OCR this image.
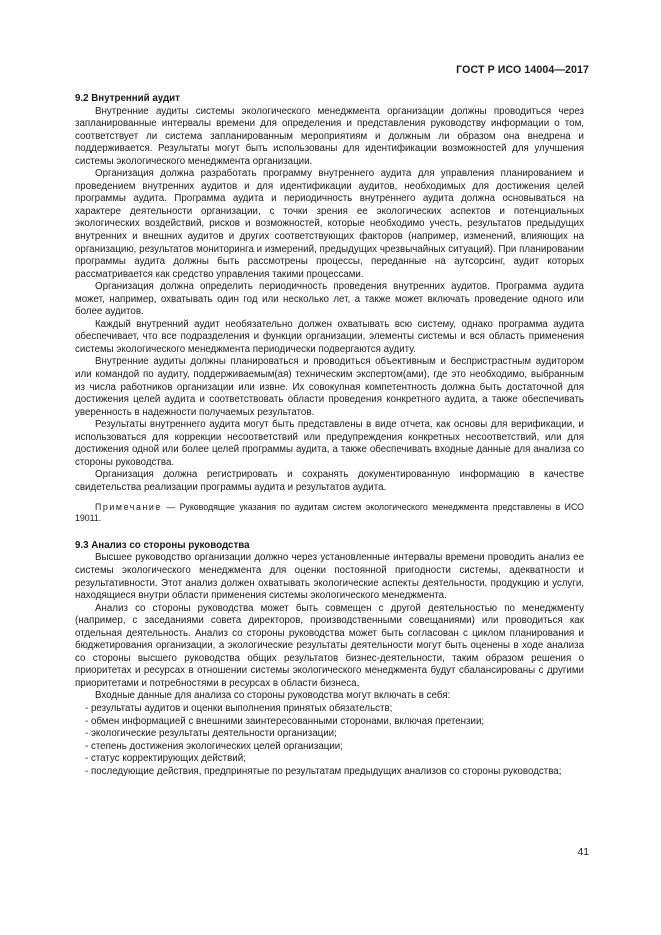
ГОСТ Р ИСО 14004—2017

9.2 Внутренний аудит

Внутренние аудиты системы экологического менеджмента организации должны проводиться через запланированные интервалы времени для определения и представления руководству информации о том, соответствует ли система запланированным мероприятиям и должным ли образом она внедрена и поддерживается. Результаты могут быть использованы для идентификации возможностей для улучшения системы экологического менеджмента организации.

Организация должна разработать программу внутреннего аудита для управления планированием и проведением внутренних аудитов и для идентификации аудитов, необходимых для достижения целей программы аудита. Программа аудита и периодичность внутреннего аудита должна основываться на характере деятельности организации, с точки зрения ее экологических аспектов и потенциальных экологических воздействий, рисков и возможностей, которые необходимо учесть, результатов предыдущих внутренних и внешних аудитов и других соответствующих факторов (например, изменений, влияющих на организацию, результатов мониторинга и измерений, предыдущих чрезвычайных ситуаций). При планировании программы аудита должны быть рассмотрены процессы, переданные на аутсорсинг, аудит которых рассматривается как средство управления такими процессами.

Организация должна определить периодичность проведения внутренних аудитов. Программа аудита может, например, охватывать один год или несколько лет, а также может включать проведение одного или более аудитов.

Каждый внутренний аудит необязательно должен охватывать всю систему, однако программа аудита обеспечивает, что все подразделения и функции организации, элементы системы и вся область применения системы экологического менеджмента периодически подвергаются аудиту.

Внутренние аудиты должны планироваться и проводиться объективным и беспристрастным аудитором или командой по аудиту, поддерживаемым(ая) техническим экспертом(ами), где это необходимо, выбранным из числа работников организации или извне. Их совокупная компетентность должна быть достаточной для достижения целей аудита и соответствовать области проведения конкретного аудита, а также обеспечивать уверенность в надежности получаемых результатов.

Результаты внутреннего аудита могут быть представлены в виде отчета, как основы для верификации, и использоваться для коррекции несоответствий или предупреждения конкретных несоответствий, или для достижения одной или более целей программы аудита, а также обеспечивать входные данные для анализа со стороны руководства.

Организация должна регистрировать и сохранять документированную информацию в качестве свидетельства реализации программы аудита и результатов аудита.

Примечание — Руководящие указания по аудитам систем экологического менеджмента представлены в ИСО 19011.

9.3 Анализ со стороны руководства

Высшее руководство организации должно через установленные интервалы времени проводить анализ ее системы экологического менеджмента для оценки постоянной пригодности системы, адекватности и результативности. Этот анализ должен охватывать экологические аспекты деятельности, продукцию и услуги, находящиеся внутри области применения системы экологического менеджмента.

Анализ со стороны руководства может быть совмещен с другой деятельностью по менеджменту (например, с заседаниями совета директоров, производственными совещаниями) или проводиться как отдельная деятельность. Анализ со стороны руководства может быть согласован с циклом планирования и бюджетирования организации, а экологические результаты деятельности могут быть оценены в ходе анализа со стороны высшего руководства общих результатов бизнес-деятельности, таким образом решения о приоритетах и ресурсах в отношении системы экологического менеджмента будут сбалансированы с другими приоритетами и потребностями в ресурсах в области бизнеса.

Входные данные для анализа со стороны руководства могут включать в себя:

- результаты аудитов и оценки выполнения принятых обязательств;

- обмен информацией с внешними заинтересованными сторонами, включая претензии;

- экологические результаты деятельности организации;

- степень достижения экологических целей организации;

- статус корректирующих действий;

- последующие действия, предпринятые по результатам предыдущих анализов со стороны руководства;

41
